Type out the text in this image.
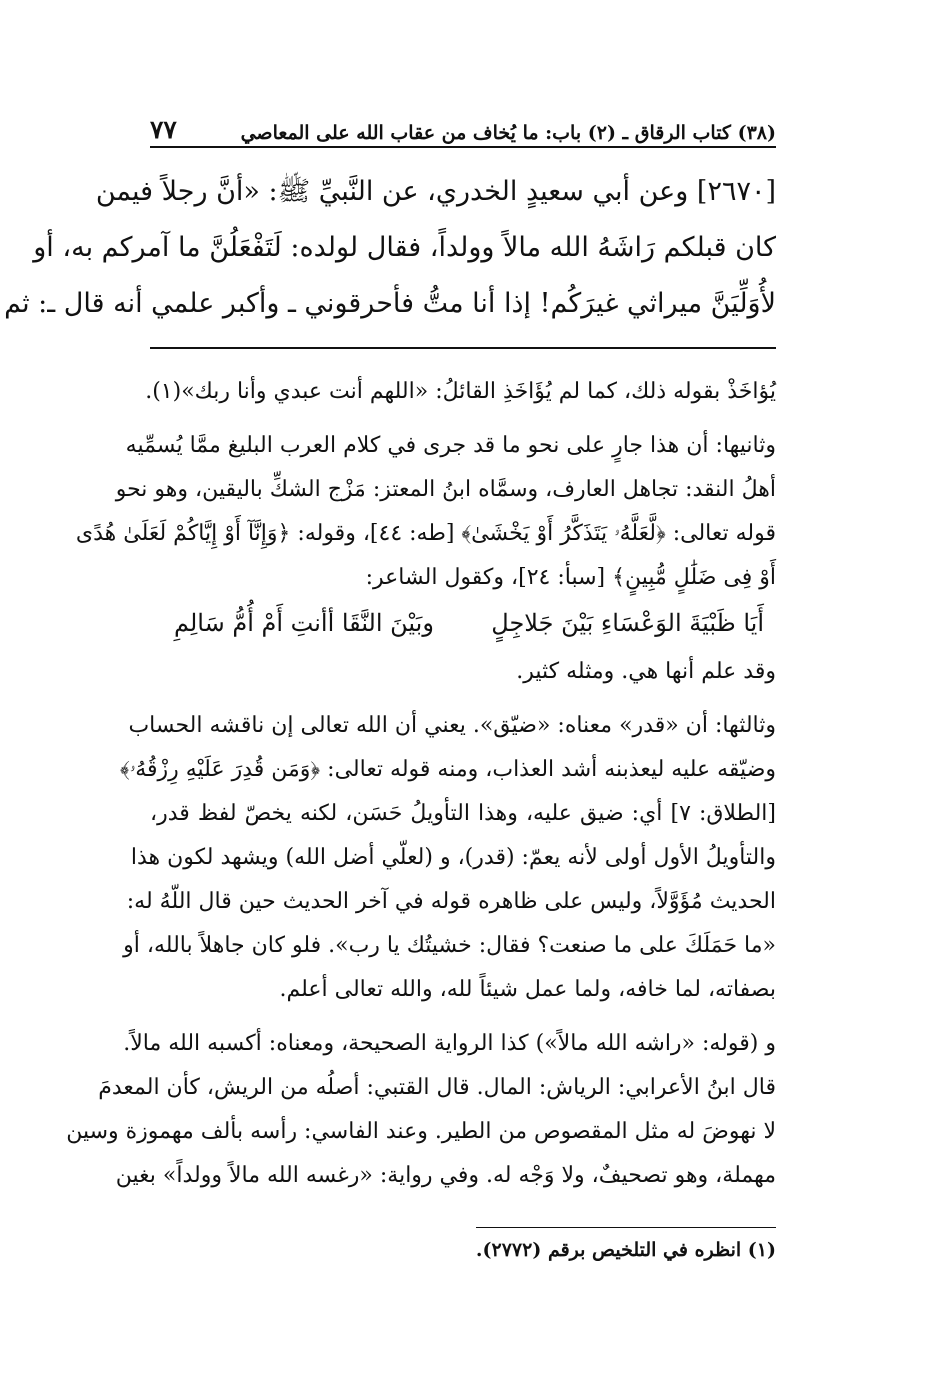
(٣٨) كتاب الرقاق ـ (٢) باب: ما يُخاف من عقاب الله على المعاصي
٧٧
[٢٦٧٠] وعن أبي سعيدٍ الخدري، عن النَّبيِّ ﷺ: «أنَّ رجلاً فيمن
كان قبلكم رَاشَهُ الله مالاً وولداً، فقال لولده: لَتَفْعَلُنَّ ما آمركم به، أو
لأُوَلِّيَنَّ ميراثي غيرَكُم! إذا أنا متُّ فأحرقوني ـ وأكبر علمي أنه قال ـ: ثم

يُؤاخَذْ بقوله ذلك، كما لم يُؤَاخَذِ القائلُ: «اللهم أنت عبدي وأنا ربك»(١).

وثانيها: أن هذا جارٍ على نحو ما قد جرى في كلام العرب البليغ ممَّا يُسمِّيه
أهلُ النقد: تجاهل العارف، وسمَّاه ابنُ المعتز: مَزْج الشكِّ باليقين، وهو نحو
قوله تعالى: ﴿لَّعَلَّهُۥ يَتَذَكَّرُ أَوْ يَخْشَىٰ﴾ [طه: ٤٤]، وقوله: ﴿وَإِنَّآ أَوْ إِيَّاكُمْ لَعَلَىٰ هُدًى
أَوْ فِى ضَلَٰلٍ مُّبِينٍ﴾ [سبأ: ٢٤]، وكقول الشاعر:

أَيَا ظَبْيَةَ الوَعْسَاءِ بَيْنَ جَلاجِلٍ
وبَيْنَ النَّقَا أأنتِ أَمْ أُمُّ سَالِمِ

وقد علم أنها هي. ومثله كثير.

وثالثها: أن «قدر» معناه: «ضيّق». يعني أن الله تعالى إن ناقشه الحساب
وضيّقه عليه ليعذبنه أشد العذاب، ومنه قوله تعالى: ﴿وَمَن قُدِرَ عَلَيْهِ رِزْقُهُۥ﴾
[الطلاق: ٧] أي: ضيق عليه، وهذا التأويلُ حَسَن، لكنه يخصّ لفظ قدر،
والتأويلُ الأول أولى لأنه يعمّ: (قدر)، و (لعلّي أضل الله) ويشهد لكون هذا
الحديث مُؤَوَّلاً، وليس على ظاهره قوله في آخر الحديث حين قال اللّهُ له:
«ما حَمَلَكَ على ما صنعت؟ فقال: خشيتُك يا رب». فلو كان جاهلاً بالله، أو
بصفاته، لما خافه، ولما عمل شيئاً لله، والله تعالى أعلم.

و (قوله: «راشه الله مالاً») كذا الرواية الصحيحة، ومعناه: أكسبه الله مالاً.
قال ابنُ الأعرابي: الرياش: المال. قال القتبي: أصلُه من الريش، كأن المعدمَ
لا نهوضَ له مثل المقصوص من الطير. وعند الفاسي: رأسه بألف مهموزة وسين
مهملة، وهو تصحيفٌ، ولا وَجْه له. وفي رواية: «رغسه الله مالاً وولداً» بغين

(١) انظره في التلخيص برقم (٢٧٧٢).
